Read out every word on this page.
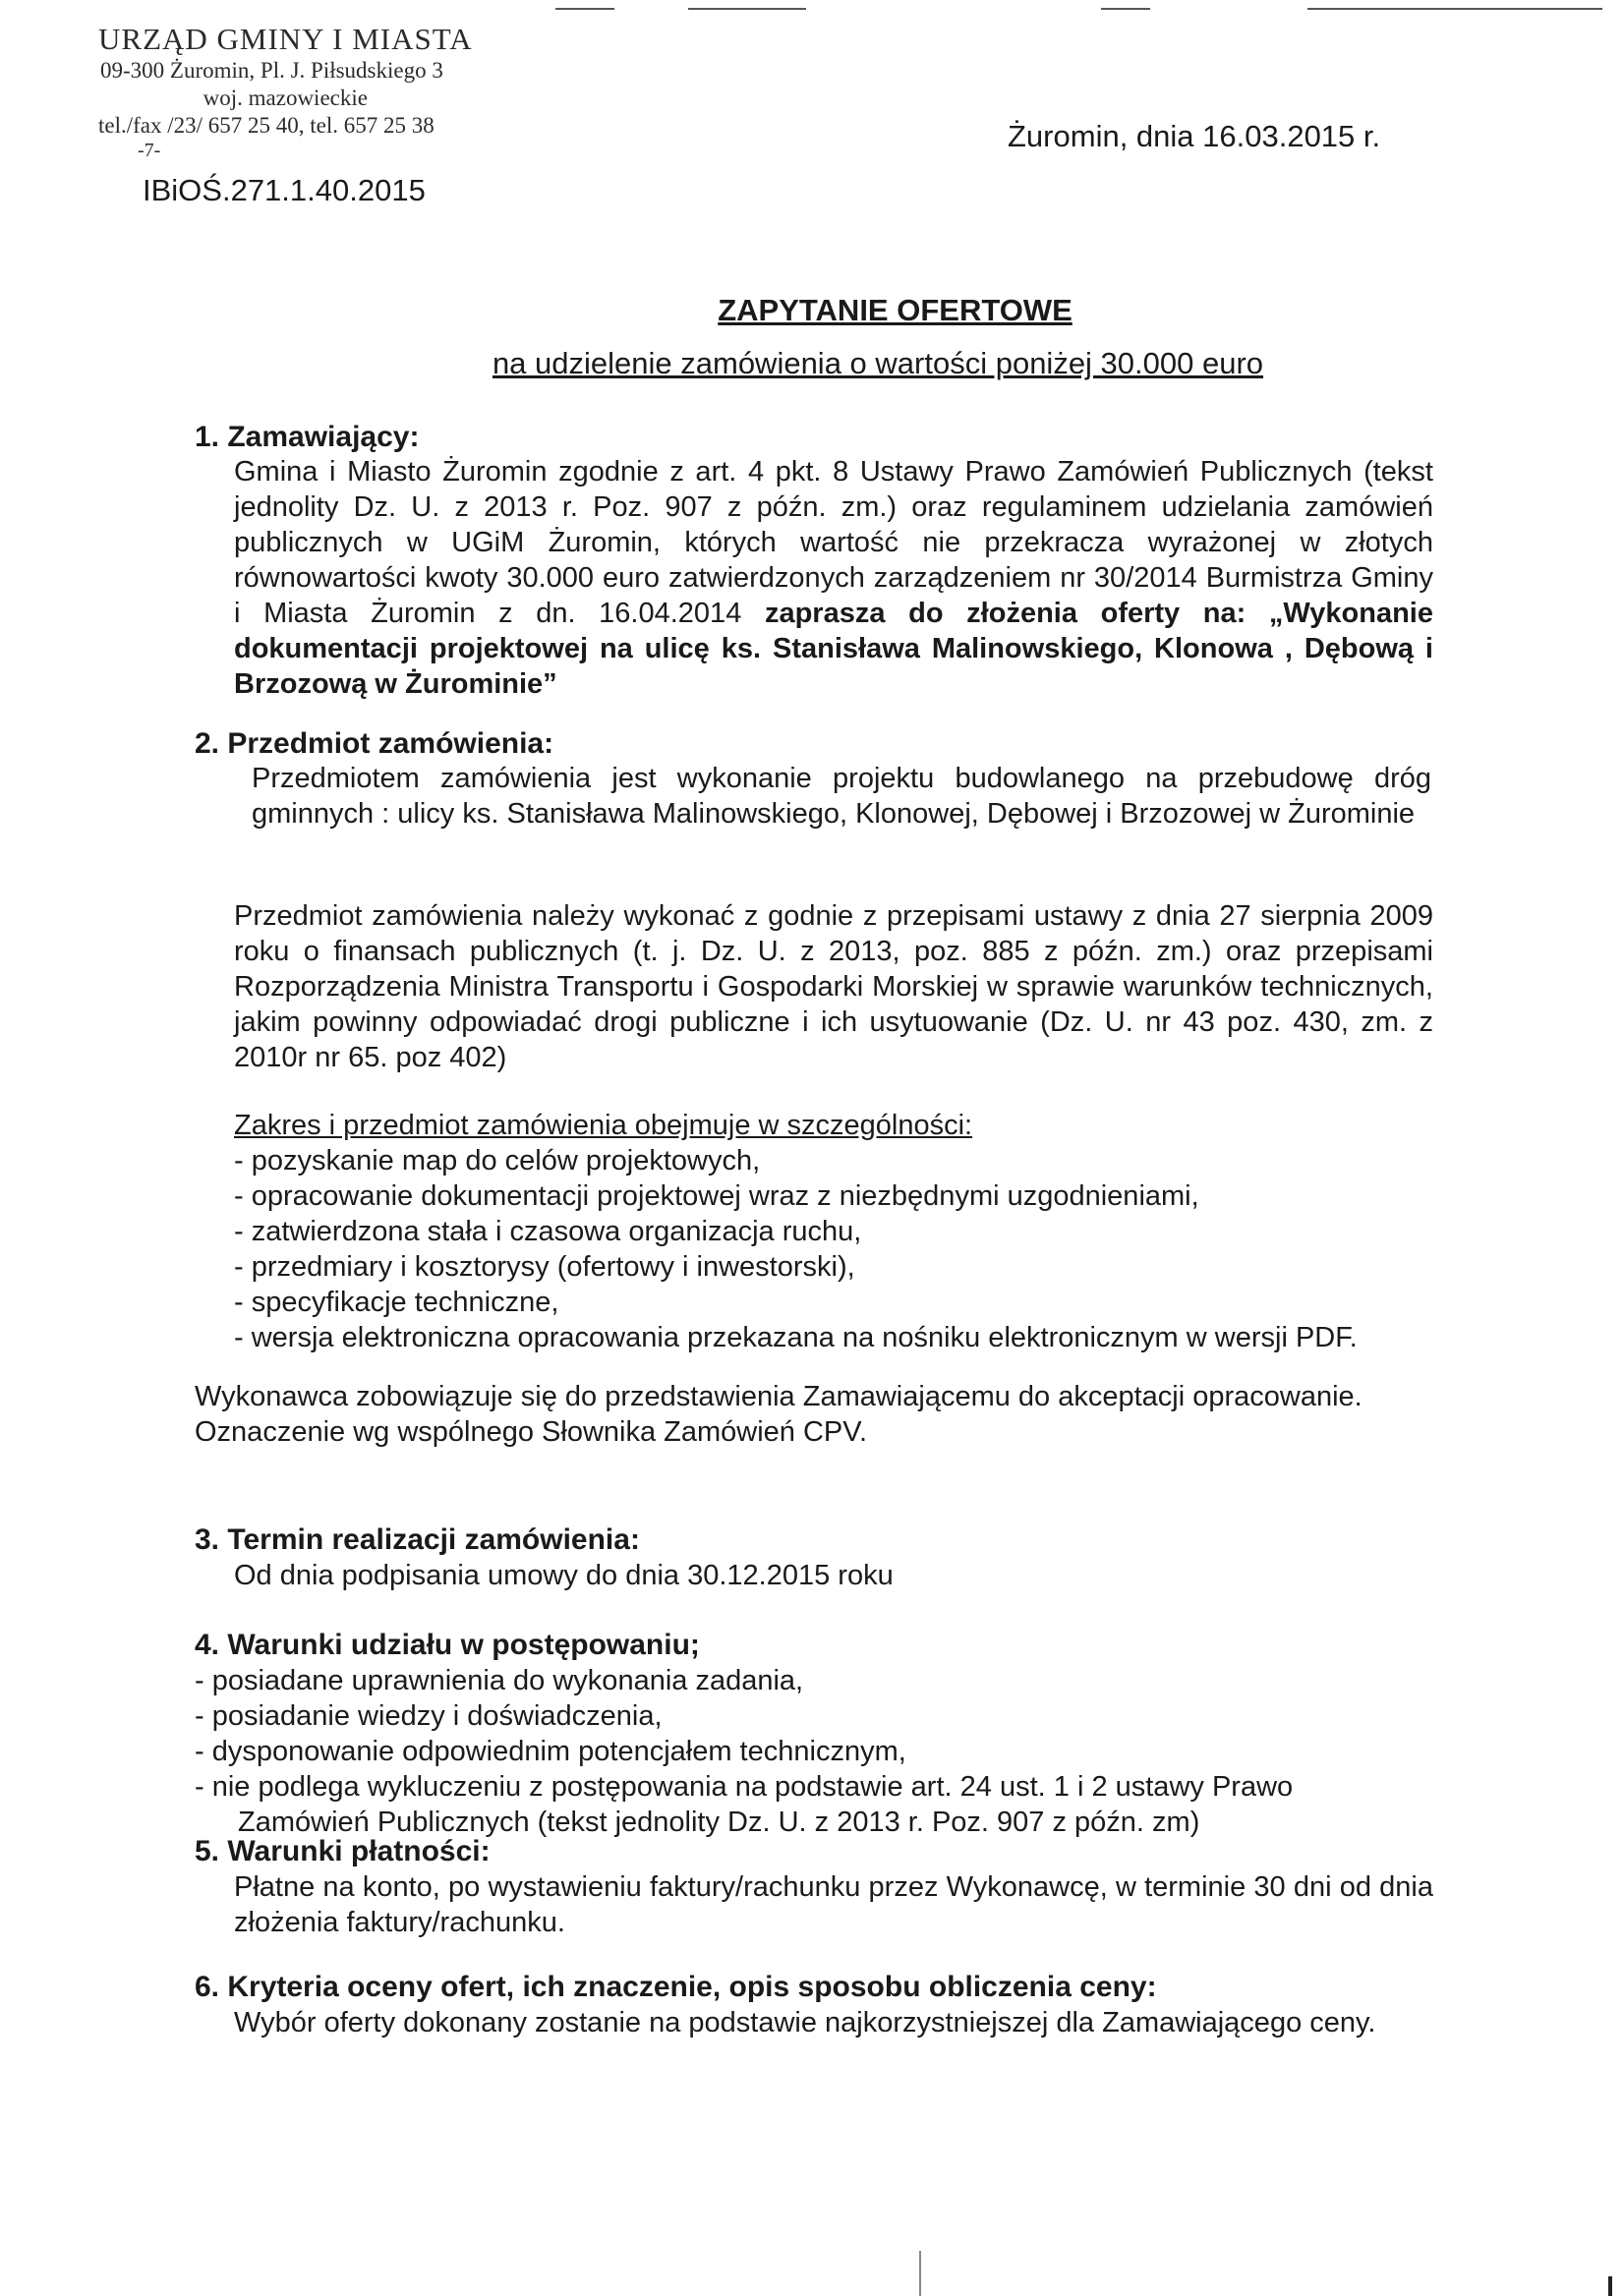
URZĄD GMINY I MIASTA
09-300 Żuromin, Pl. J. Piłsudskiego 3
woj. mazowieckie
tel./fax /23/ 657 25 40, tel. 657 25 38
-7-
IBiOŚ.271.1.40.2015
Żuromin, dnia 16.03.2015 r.
ZAPYTANIE OFERTOWE
na udzielenie zamówienia o wartości poniżej 30.000 euro
1. Zamawiający:
Gmina i Miasto Żuromin zgodnie z art. 4 pkt. 8 Ustawy Prawo Zamówień Publicznych (tekst jednolity Dz. U. z 2013 r. Poz. 907 z późn. zm.) oraz regulaminem udzielania zamówień publicznych w UGiM Żuromin, których wartość nie przekracza wyrażonej w złotych równowartości kwoty 30.000 euro zatwierdzonych zarządzeniem nr 30/2014 Burmistrza Gminy i Miasta Żuromin z dn. 16.04.2014 zaprasza do złożenia oferty na: „Wykonanie dokumentacji projektowej na ulicę ks. Stanisława Malinowskiego, Klonowa , Dębową i Brzozową w Żurominie”
2. Przedmiot zamówienia:
Przedmiotem zamówienia jest wykonanie projektu budowlanego na przebudowę dróg gminnych : ulicy ks. Stanisława Malinowskiego, Klonowej, Dębowej i Brzozowej w Żurominie
Przedmiot zamówienia należy wykonać z godnie z przepisami ustawy z dnia 27 sierpnia 2009 roku o finansach publicznych (t. j. Dz. U. z 2013, poz. 885 z późn. zm.) oraz przepisami Rozporządzenia Ministra Transportu i Gospodarki Morskiej w sprawie warunków technicznych, jakim powinny odpowiadać drogi publiczne i ich usytuowanie (Dz. U. nr 43 poz. 430, zm. z 2010r nr 65. poz 402)
Zakres i przedmiot zamówienia obejmuje w szczególności:
- pozyskanie map do celów projektowych,
- opracowanie dokumentacji projektowej wraz z niezbędnymi uzgodnieniami,
- zatwierdzona stała i czasowa organizacja ruchu,
- przedmiary i kosztorysy (ofertowy i inwestorski),
- specyfikacje techniczne,
- wersja elektroniczna opracowania przekazana na nośniku elektronicznym w wersji PDF.
Wykonawca zobowiązuje się do przedstawienia Zamawiającemu do akceptacji opracowanie.
Oznaczenie wg wspólnego Słownika Zamówień CPV.
3. Termin realizacji zamówienia:
Od dnia podpisania umowy do dnia 30.12.2015 roku
4. Warunki udziału w postępowaniu;
- posiadane uprawnienia do wykonania zadania,
- posiadanie wiedzy i doświadczenia,
- dysponowanie odpowiednim potencjałem technicznym,
- nie podlega wykluczeniu z postępowania na podstawie art. 24 ust. 1 i 2 ustawy Prawo
Zamówień Publicznych (tekst jednolity Dz. U. z 2013 r. Poz. 907 z późn. zm)
5. Warunki płatności:
Płatne na konto, po wystawieniu faktury/rachunku przez Wykonawcę, w terminie 30 dni od dnia złożenia faktury/rachunku.
6. Kryteria oceny ofert, ich znaczenie, opis sposobu obliczenia ceny:
Wybór oferty dokonany zostanie na podstawie najkorzystniejszej dla Zamawiającego ceny.
